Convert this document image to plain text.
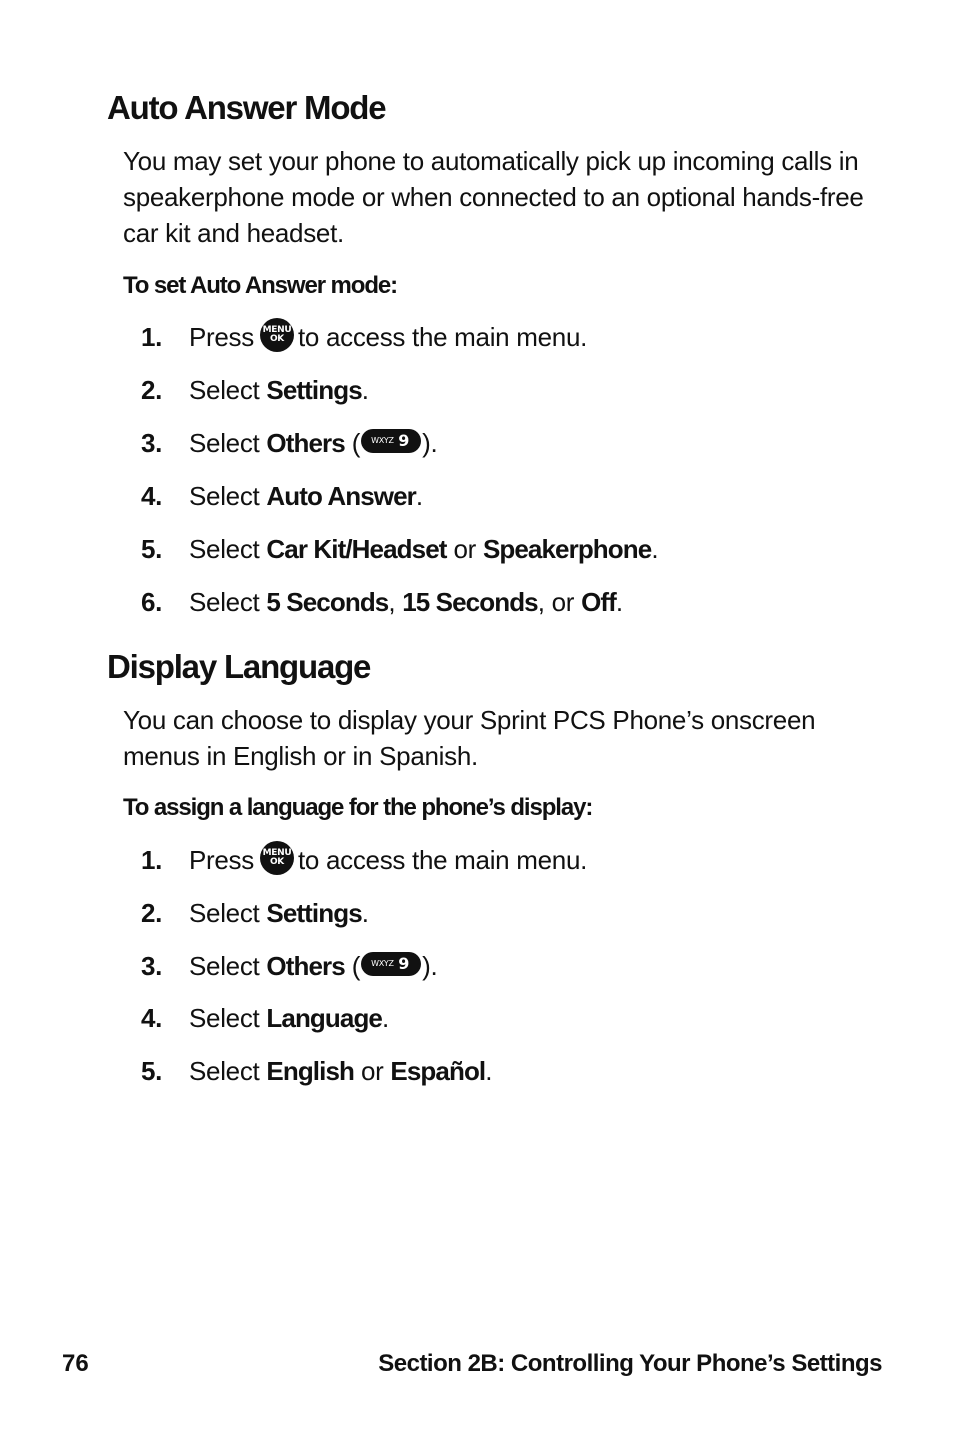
Auto Answer Mode

You may set your phone to automatically pick up incoming calls in speakerphone mode or when connected to an optional hands-free car kit and headset.

To set Auto Answer mode:

1.	Press MENU
OK to access the main menu.
2.	Select
Settings .
3.	Select
Others
( WXYZ 9 ).
4.	Select
Auto Answer .
5.	Select
Car Kit/Headset
or
Speakerphone .
6.	Select
5 Seconds ,
15 Seconds , or
Off .
Display Language

You can choose to display your Sprint PCS Phone’s onscreen menus in English or in Spanish.

To assign a language for the phone’s display:

1.	Press MENU
OK to access the main menu.
2.	Select
Settings .
3.	Select
Others
( WXYZ 9 ).
4.	Select
Language .
5.	Select
English
or
Español .

76	Section 2B: Controlling Your Phone’s Settings
